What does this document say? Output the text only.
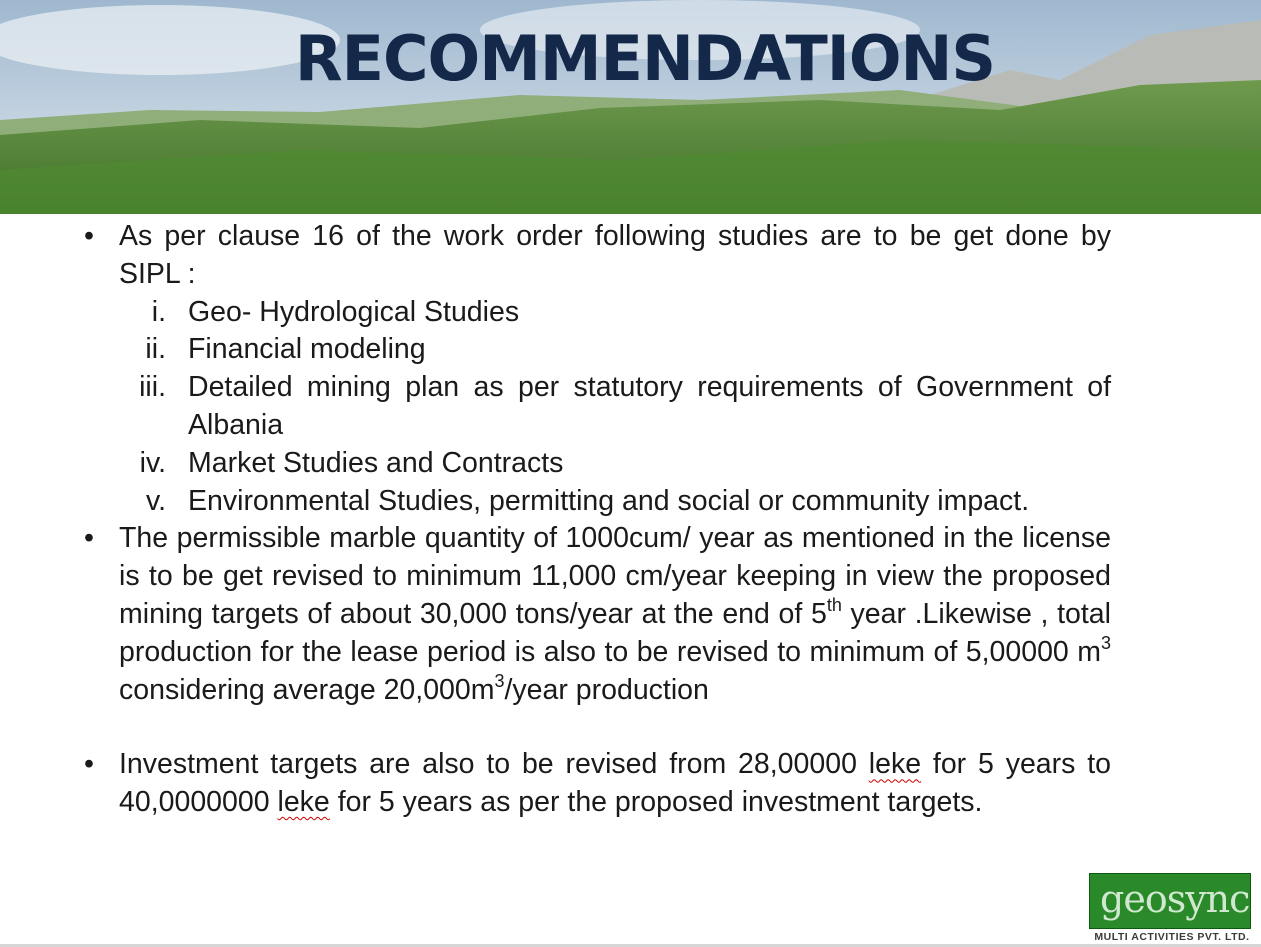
RECOMMENDATIONS

• As per clause 16 of the work order following studies are to be get done by SIPL :

i. Geo- Hydrological Studies

ii. Financial modeling

iii. Detailed mining plan as per statutory requirements of Government of Albania

iv. Market Studies and Contracts

v. Environmental Studies, permitting and social or community impact.

• The permissible marble quantity of 1000cum/ year as mentioned in the license is to be get revised to minimum 11,000 cm/year keeping in view the proposed mining targets of about 30,000 tons/year at the end of 5th year .Likewise , total production for the lease period is also to be revised to minimum of 5,00000 $m^3$ considering average $20,000m^3$/year production

• Investment targets are also to be revised from 28,00000 leke for 5 years to 40,0000000 leke for 5 years as per the proposed investment targets.

geosync
MULTI ACTIVITIES PVT. LTD.
